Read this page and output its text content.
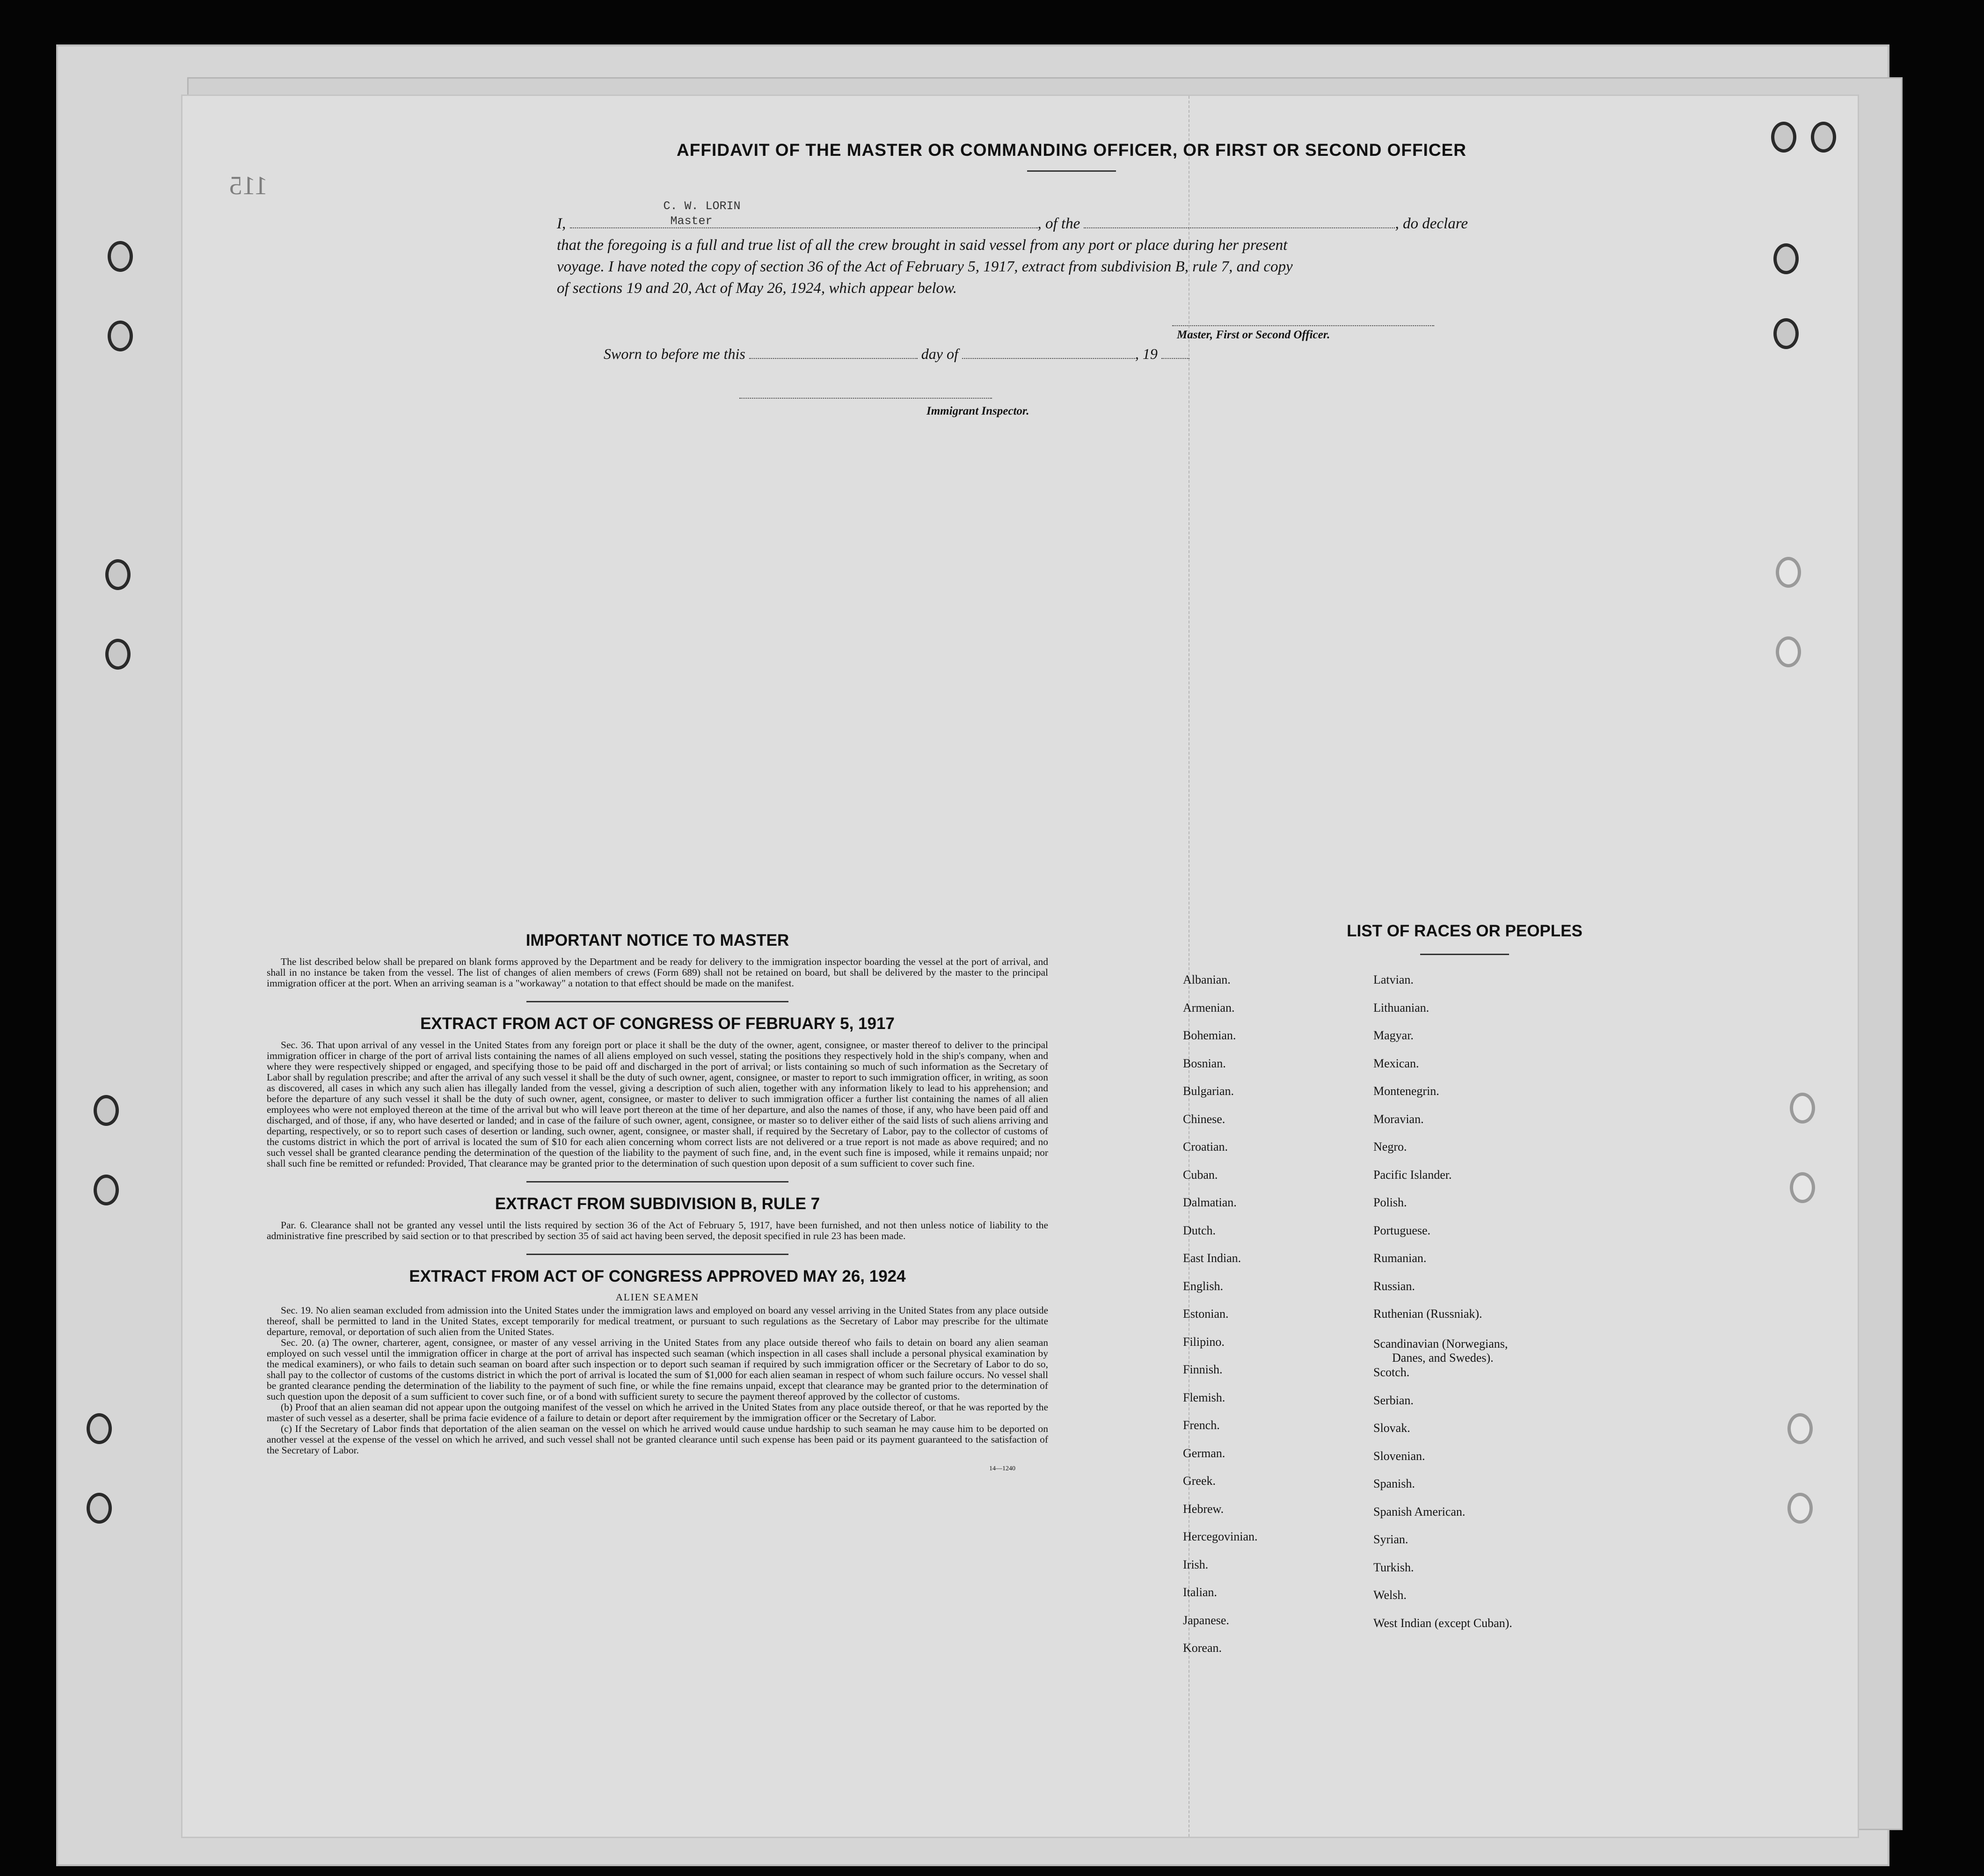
115
AFFIDAVIT OF THE MASTER OR COMMANDING OFFICER, OR FIRST OR SECOND OFFICER
I,
C. W. LORIN
Master	, of the	, do declare
that the foregoing is a full and true list of all the crew brought in said vessel from any port or place during her present
voyage. I have noted the copy of section 36 of the Act of February 5, 1917, extract from subdivision B, rule 7, and copy
of sections 19 and 20, Act of May 26, 1924, which appear below.
Master, First or Second Officer.
Sworn to before me this	day of	, 19
Immigrant Inspector.
IMPORTANT NOTICE TO MASTER

The list described below shall be prepared on blank forms approved by the Department and be ready for delivery to the immigration inspector boarding the vessel at the port of arrival, and shall in no instance be taken from the vessel. The list of changes of alien members of crews (Form 689) shall not be retained on board, but shall be delivered by the master to the principal immigration officer at the port. When an arriving seaman is a "workaway" a notation to that effect should be made on the manifest.

EXTRACT FROM ACT OF CONGRESS OF FEBRUARY 5, 1917

Sec. 36. That upon arrival of any vessel in the United States from any foreign port or place it shall be the duty of the owner, agent, consignee, or master thereof to deliver to the principal immigration officer in charge of the port of arrival lists containing the names of all aliens employed on such vessel, stating the positions they respectively hold in the ship's company, when and where they were respectively shipped or engaged, and specifying those to be paid off and discharged in the port of arrival; or lists containing so much of such information as the Secretary of Labor shall by regulation prescribe; and after the arrival of any such vessel it shall be the duty of such owner, agent, consignee, or master to report to such immigration officer, in writing, as soon as discovered, all cases in which any such alien has illegally landed from the vessel, giving a description of such alien, together with any information likely to lead to his apprehension; and before the departure of any such vessel it shall be the duty of such owner, agent, consignee, or master to deliver to such immigration officer a further list containing the names of all alien employees who were not employed thereon at the time of the arrival but who will leave port thereon at the time of her departure, and also the names of those, if any, who have been paid off and discharged, and of those, if any, who have deserted or landed; and in case of the failure of such owner, agent, consignee, or master so to deliver either of the said lists of such aliens arriving and departing, respectively, or so to report such cases of desertion or landing, such owner, agent, consignee, or master shall, if required by the Secretary of Labor, pay to the collector of customs of the customs district in which the port of arrival is located the sum of $10 for each alien concerning whom correct lists are not delivered or a true report is not made as above required; and no such vessel shall be granted clearance pending the determination of the question of the liability to the payment of such fine, and, in the event such fine is imposed, while it remains unpaid; nor shall such fine be remitted or refunded: Provided, That clearance may be granted prior to the determination of such question upon deposit of a sum sufficient to cover such fine.

EXTRACT FROM SUBDIVISION B, RULE 7

Par. 6. Clearance shall not be granted any vessel until the lists required by section 36 of the Act of February 5, 1917, have been furnished, and not then unless notice of liability to the administrative fine prescribed by said section or to that prescribed by section 35 of said act having been served, the deposit specified in rule 23 has been made.

EXTRACT FROM ACT OF CONGRESS APPROVED MAY 26, 1924
ALIEN SEAMEN

Sec. 19. No alien seaman excluded from admission into the United States under the immigration laws and employed on board any vessel arriving in the United States from any place outside thereof, shall be permitted to land in the United States, except temporarily for medical treatment, or pursuant to such regulations as the Secretary of Labor may prescribe for the ultimate departure, removal, or deportation of such alien from the United States.

Sec. 20. (a) The owner, charterer, agent, consignee, or master of any vessel arriving in the United States from any place outside thereof who fails to detain on board any alien seaman employed on such vessel until the immigration officer in charge at the port of arrival has inspected such seaman (which inspection in all cases shall include a personal physical examination by the medical examiners), or who fails to detain such seaman on board after such inspection or to deport such seaman if required by such immigration officer or the Secretary of Labor to do so, shall pay to the collector of customs of the customs district in which the port of arrival is located the sum of $1,000 for each alien seaman in respect of whom such failure occurs. No vessel shall be granted clearance pending the determination of the liability to the payment of such fine, or while the fine remains unpaid, except that clearance may be granted prior to the determination of such question upon the deposit of a sum sufficient to cover such fine, or of a bond with sufficient surety to secure the payment thereof approved by the collector of customs.

(b) Proof that an alien seaman did not appear upon the outgoing manifest of the vessel on which he arrived in the United States from any place outside thereof, or that he was reported by the master of such vessel as a deserter, shall be prima facie evidence of a failure to detain or deport after requirement by the immigration officer or the Secretary of Labor.

(c) If the Secretary of Labor finds that deportation of the alien seaman on the vessel on which he arrived would cause undue hardship to such seaman he may cause him to be deported on another vessel at the expense of the vessel on which he arrived, and such vessel shall not be granted clearance until such expense has been paid or its payment guaranteed to the satisfaction of the Secretary of Labor.

14—1240
LIST OF RACES OR PEOPLES
Albanian.
Armenian.
Bohemian.
Bosnian.
Bulgarian.
Chinese.
Croatian.
Cuban.
Dalmatian.
Dutch.
East Indian.
English.
Estonian.
Filipino.
Finnish.
Flemish.
French.
German.
Greek.
Hebrew.
Hercegovinian.
Irish.
Italian.
Japanese.
Korean.
Latvian.
Lithuanian.
Magyar.
Mexican.
Montenegrin.
Moravian.
Negro.
Pacific Islander.
Polish.
Portuguese.
Rumanian.
Russian.
Ruthenian (Russniak).
Scandinavian (Norwegians,
Danes, and Swedes).
Scotch.
Serbian.
Slovak.
Slovenian.
Spanish.
Spanish American.
Syrian.
Turkish.
Welsh.
West Indian (except Cuban).
